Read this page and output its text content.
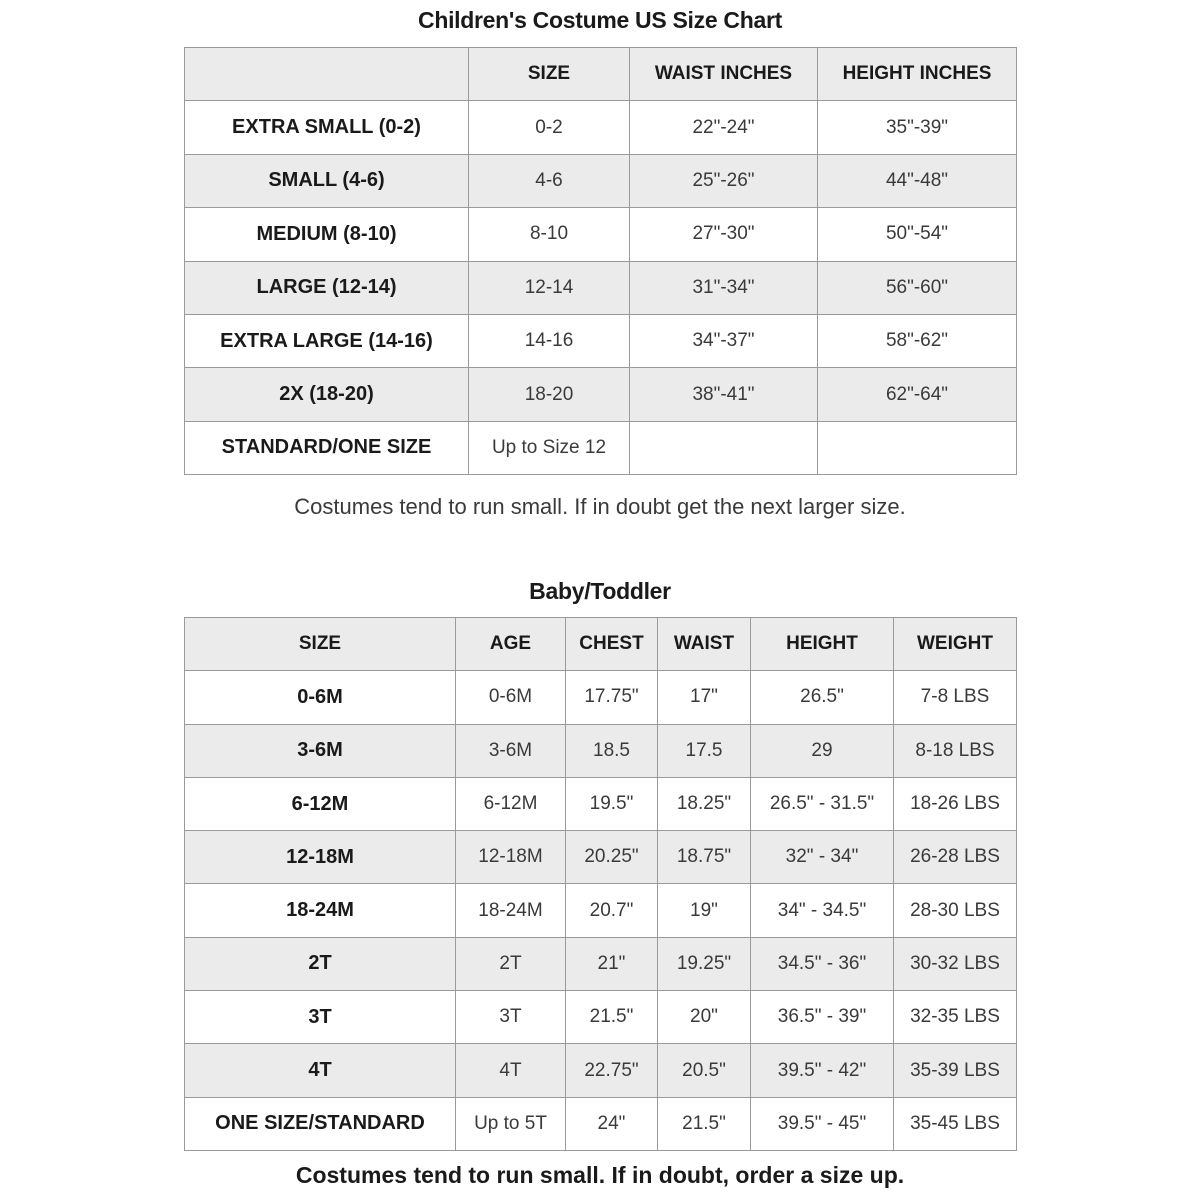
Children's Costume US Size Chart
	SIZE	WAIST INCHES	HEIGHT INCHES
EXTRA SMALL (0-2)	0-2	22"-24"	35"-39"
SMALL (4-6)	4-6	25"-26"	44"-48"
MEDIUM (8-10)	8-10	27"-30"	50"-54"
LARGE (12-14)	12-14	31"-34"	56"-60"
EXTRA LARGE (14-16)	14-16	34"-37"	58"-62"
2X (18-20)	18-20	38"-41"	62"-64"
STANDARD/ONE SIZE	Up to Size 12		
Costumes tend to run small. If in doubt get the next larger size.
Baby/Toddler
SIZE	AGE	CHEST	WAIST	HEIGHT	WEIGHT
0-6M	0-6M	17.75"	17"	26.5"	7-8 LBS
3-6M	3-6M	18.5	17.5	29	8-18 LBS
6-12M	6-12M	19.5"	18.25"	26.5" - 31.5"	18-26 LBS
12-18M	12-18M	20.25"	18.75"	32" - 34"	26-28 LBS
18-24M	18-24M	20.7"	19"	34" - 34.5"	28-30 LBS
2T	2T	21"	19.25"	34.5" - 36"	30-32 LBS
3T	3T	21.5"	20"	36.5" - 39"	32-35 LBS
4T	4T	22.75"	20.5"	39.5" - 42"	35-39 LBS
ONE SIZE/STANDARD	Up to 5T	24"	21.5"	39.5" - 45"	35-45 LBS
Costumes tend to run small. If in doubt, order a size up.
